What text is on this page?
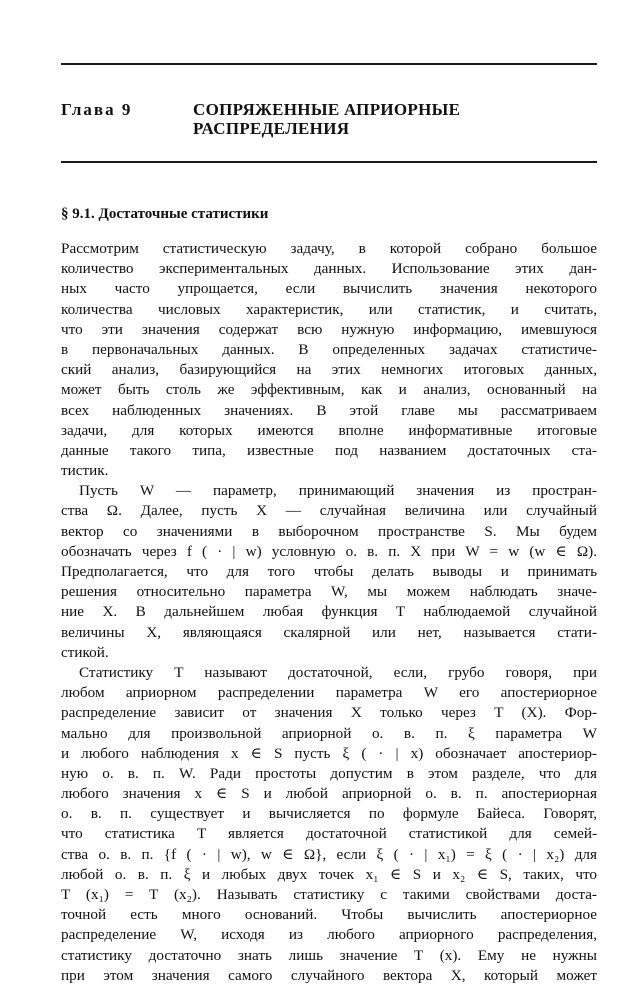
Глава 9	СОПРЯЖЕННЫЕ АПРИОРНЫЕ
РАСПРЕДЕЛЕНИЯ
§ 9.1. Достаточные статистики
Рассмотрим статистическую задачу, в которой собрано большое
количество экспериментальных данных. Использование этих дан-
ных часто упрощается, если вычислить значения некоторого
количества числовых характеристик, или статистик, и считать,
что эти значения содержат всю нужную информацию, имевшуюся
в первоначальных данных. В определенных задачах статистиче-
ский анализ, базирующийся на этих немногих итоговых данных,
может быть столь же эффективным, как и анализ, основанный на
всех наблюденных значениях. В этой главе мы рассматриваем
задачи, для которых имеются вполне информативные итоговые
данные такого типа, известные под названием достаточных ста-
тистик.
Пусть W — параметр, принимающий значения из простран-
ства Ω. Далее, пусть X — случайная величина или случайный
вектор со значениями в выборочном пространстве S. Мы будем
обозначать через f ( · | w) условную о. в. п. X при W = w (w ∈ Ω).
Предполагается, что для того чтобы делать выводы и принимать
решения относительно параметра W, мы можем наблюдать значе-
ние X. В дальнейшем любая функция T наблюдаемой случайной
величины X, являющаяся скалярной или нет, называется стати-
стикой.
Статистику T называют достаточной, если, грубо говоря, при
любом априорном распределении параметра W его апостериорное
распределение зависит от значения X только через T (X). Фор-
мально для произвольной априорной о. в. п. ξ параметра W
и любого наблюдения x ∈ S пусть ξ ( · | x) обозначает апостериор-
ную о. в. п. W. Ради простоты допустим в этом разделе, что для
любого значения x ∈ S и любой априорной о. в. п. апостериорная
о. в. п. существует и вычисляется по формуле Байеса. Говорят,
что статистика T является достаточной статистикой для семей-
ства о. в. п. {f ( · | w), w ∈ Ω}, если ξ ( · | x₁) = ξ ( · | x₂) для
любой о. в. п. ξ и любых двух точек x₁ ∈ S и x₂ ∈ S, таких, что
T (x₁) = T (x₂). Называть статистику с такими свойствами доста-
точной есть много оснований. Чтобы вычислить апостериорное
распределение W, исходя из любого априорного распределения,
статистику достаточно знать лишь значение T (x). Ему не нужны
при этом значения самого случайного вектора X, который может
